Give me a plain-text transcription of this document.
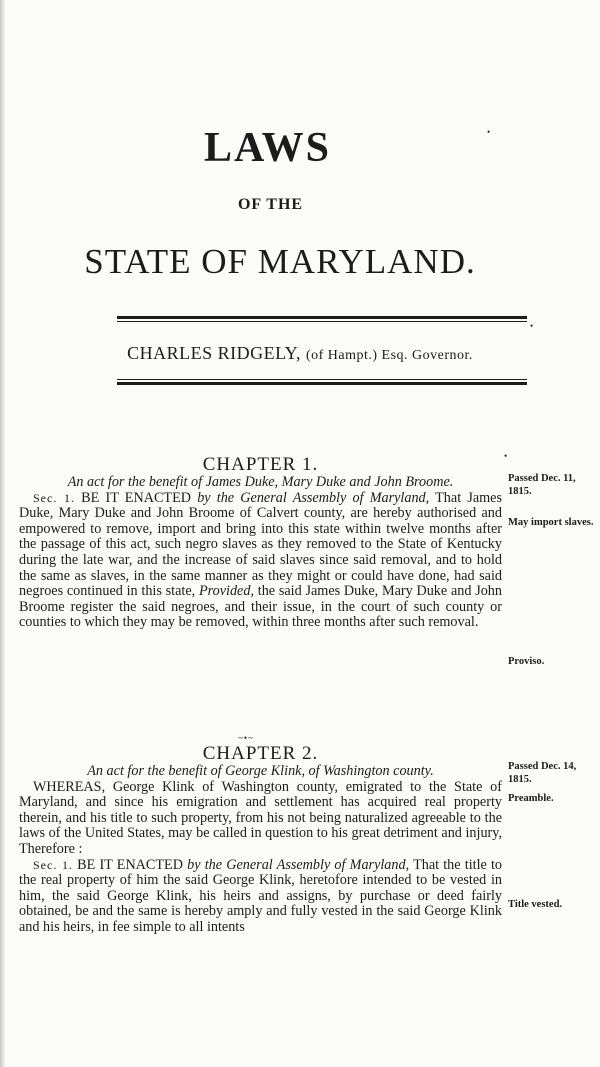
LAWS
OF THE
STATE OF MARYLAND.
CHARLES RIDGELY, (of Hampt.) Esq. Governor.
CHAPTER 1.

An act for the benefit of James Duke, Mary Duke and John Broome.

Sec. 1. BE IT ENACTED by the General Assembly of Maryland, That James Duke, Mary Duke and John Broome of Calvert county, are hereby authorised and empowered to remove, import and bring into this state within twelve months after the passage of this act, such negro slaves as they removed to the State of Kentucky during the late war, and the increase of said slaves since said removal, and to hold the same as slaves, in the same manner as they might or could have done, had said negroes continued in this state, Provided, the said James Duke, Mary Duke and John Broome register the said negroes, and their issue, in the court of such county or counties to which they may be removed, within three months after such removal.

Passed Dec. 11, 1815.
May import slaves.
Proviso.
~•~
CHAPTER 2.

An act for the benefit of George Klink, of Washington county.

WHEREAS, George Klink of Washington county, emigrated to the State of Maryland, and since his emigration and settlement has acquired real property therein, and his title to such property, from his not being naturalized agreeable to the laws of the United States, may be called in question to his great detriment and injury, Therefore :

Sec. 1. BE IT ENACTED by the General Assembly of Maryland, That the title to the real property of him the said George Klink, heretofore intended to be vested in him, the said George Klink, his heirs and assigns, by purchase or deed fairly obtained, be and the same is hereby amply and fully vested in the said George Klink and his heirs, in fee simple to all intents

Passed Dec. 14, 1815.
Preamble.
Title vested.
•
•
•
